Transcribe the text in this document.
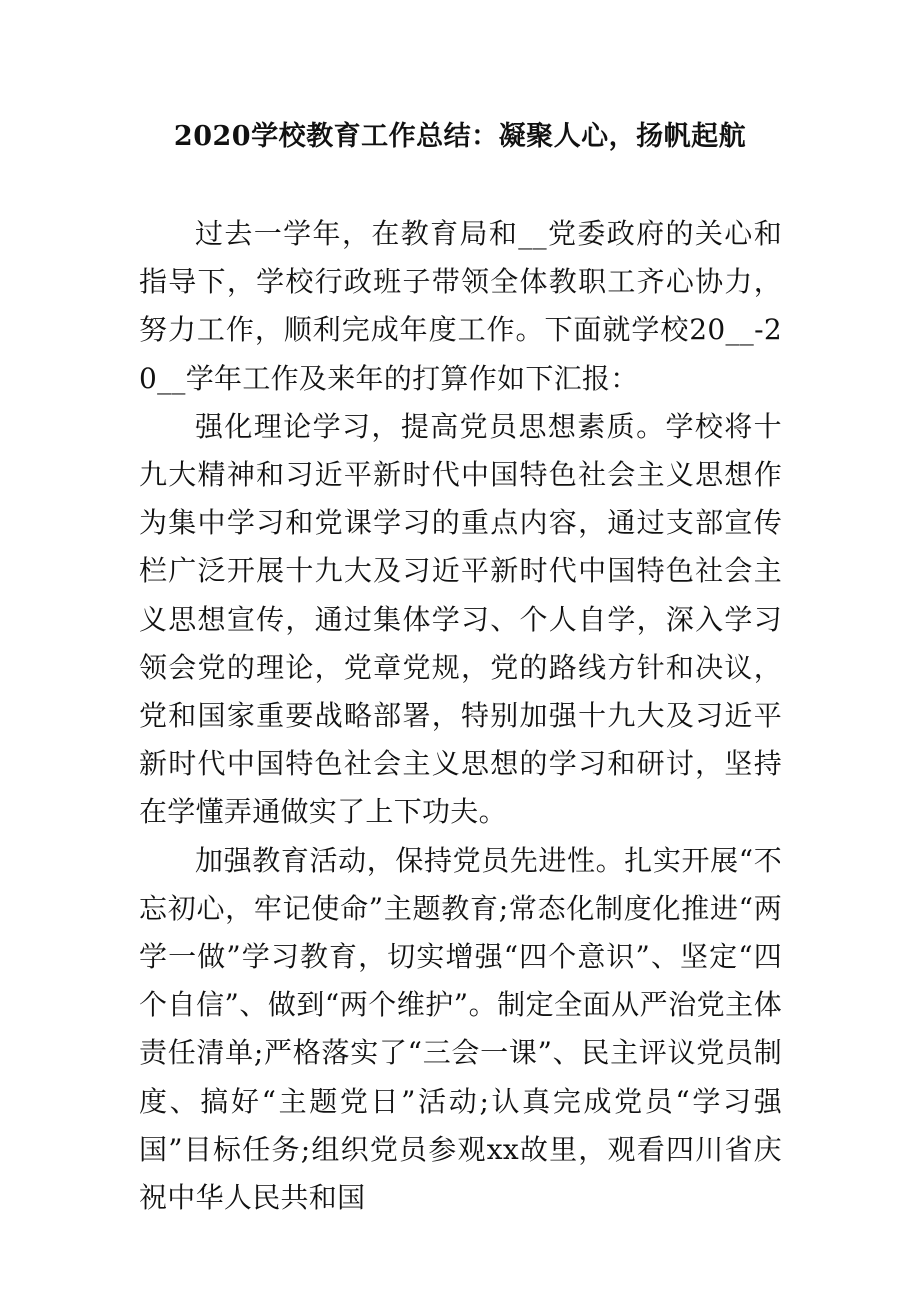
2020学校教育工作总结：凝聚人心，扬帆起航

过去一学年，在教育局和__党委政府的关心和指导下，学校行政班子带领全体教职工齐心协力，努力工作，顺利完成年度工作。下面就学校20__-20__学年工作及来年的打算作如下汇报：

强化理论学习，提高党员思想素质。学校将十九大精神和习近平新时代中国特色社会主义思想作为集中学习和党课学习的重点内容，通过支部宣传栏广泛开展十九大及习近平新时代中国特色社会主义思想宣传，通过集体学习、个人自学，深入学习领会党的理论，党章党规，党的路线方针和决议，党和国家重要战略部署，特别加强十九大及习近平新时代中国特色社会主义思想的学习和研讨，坚持在学懂弄通做实了上下功夫。

加强教育活动，保持党员先进性。扎实开展“不忘初心，牢记使命”主题教育;常态化制度化推进“两学一做”学习教育，切实增强“四个意识”、坚定“四个自信”、做到“两个维护”。制定全面从严治党主体责任清单;严格落实了“三会一课”、民主评议党员制度、搞好“主题党日”活动;认真完成党员“学习强国”目标任务;组织党员参观xx故里，观看四川省庆祝中华人民共和国
